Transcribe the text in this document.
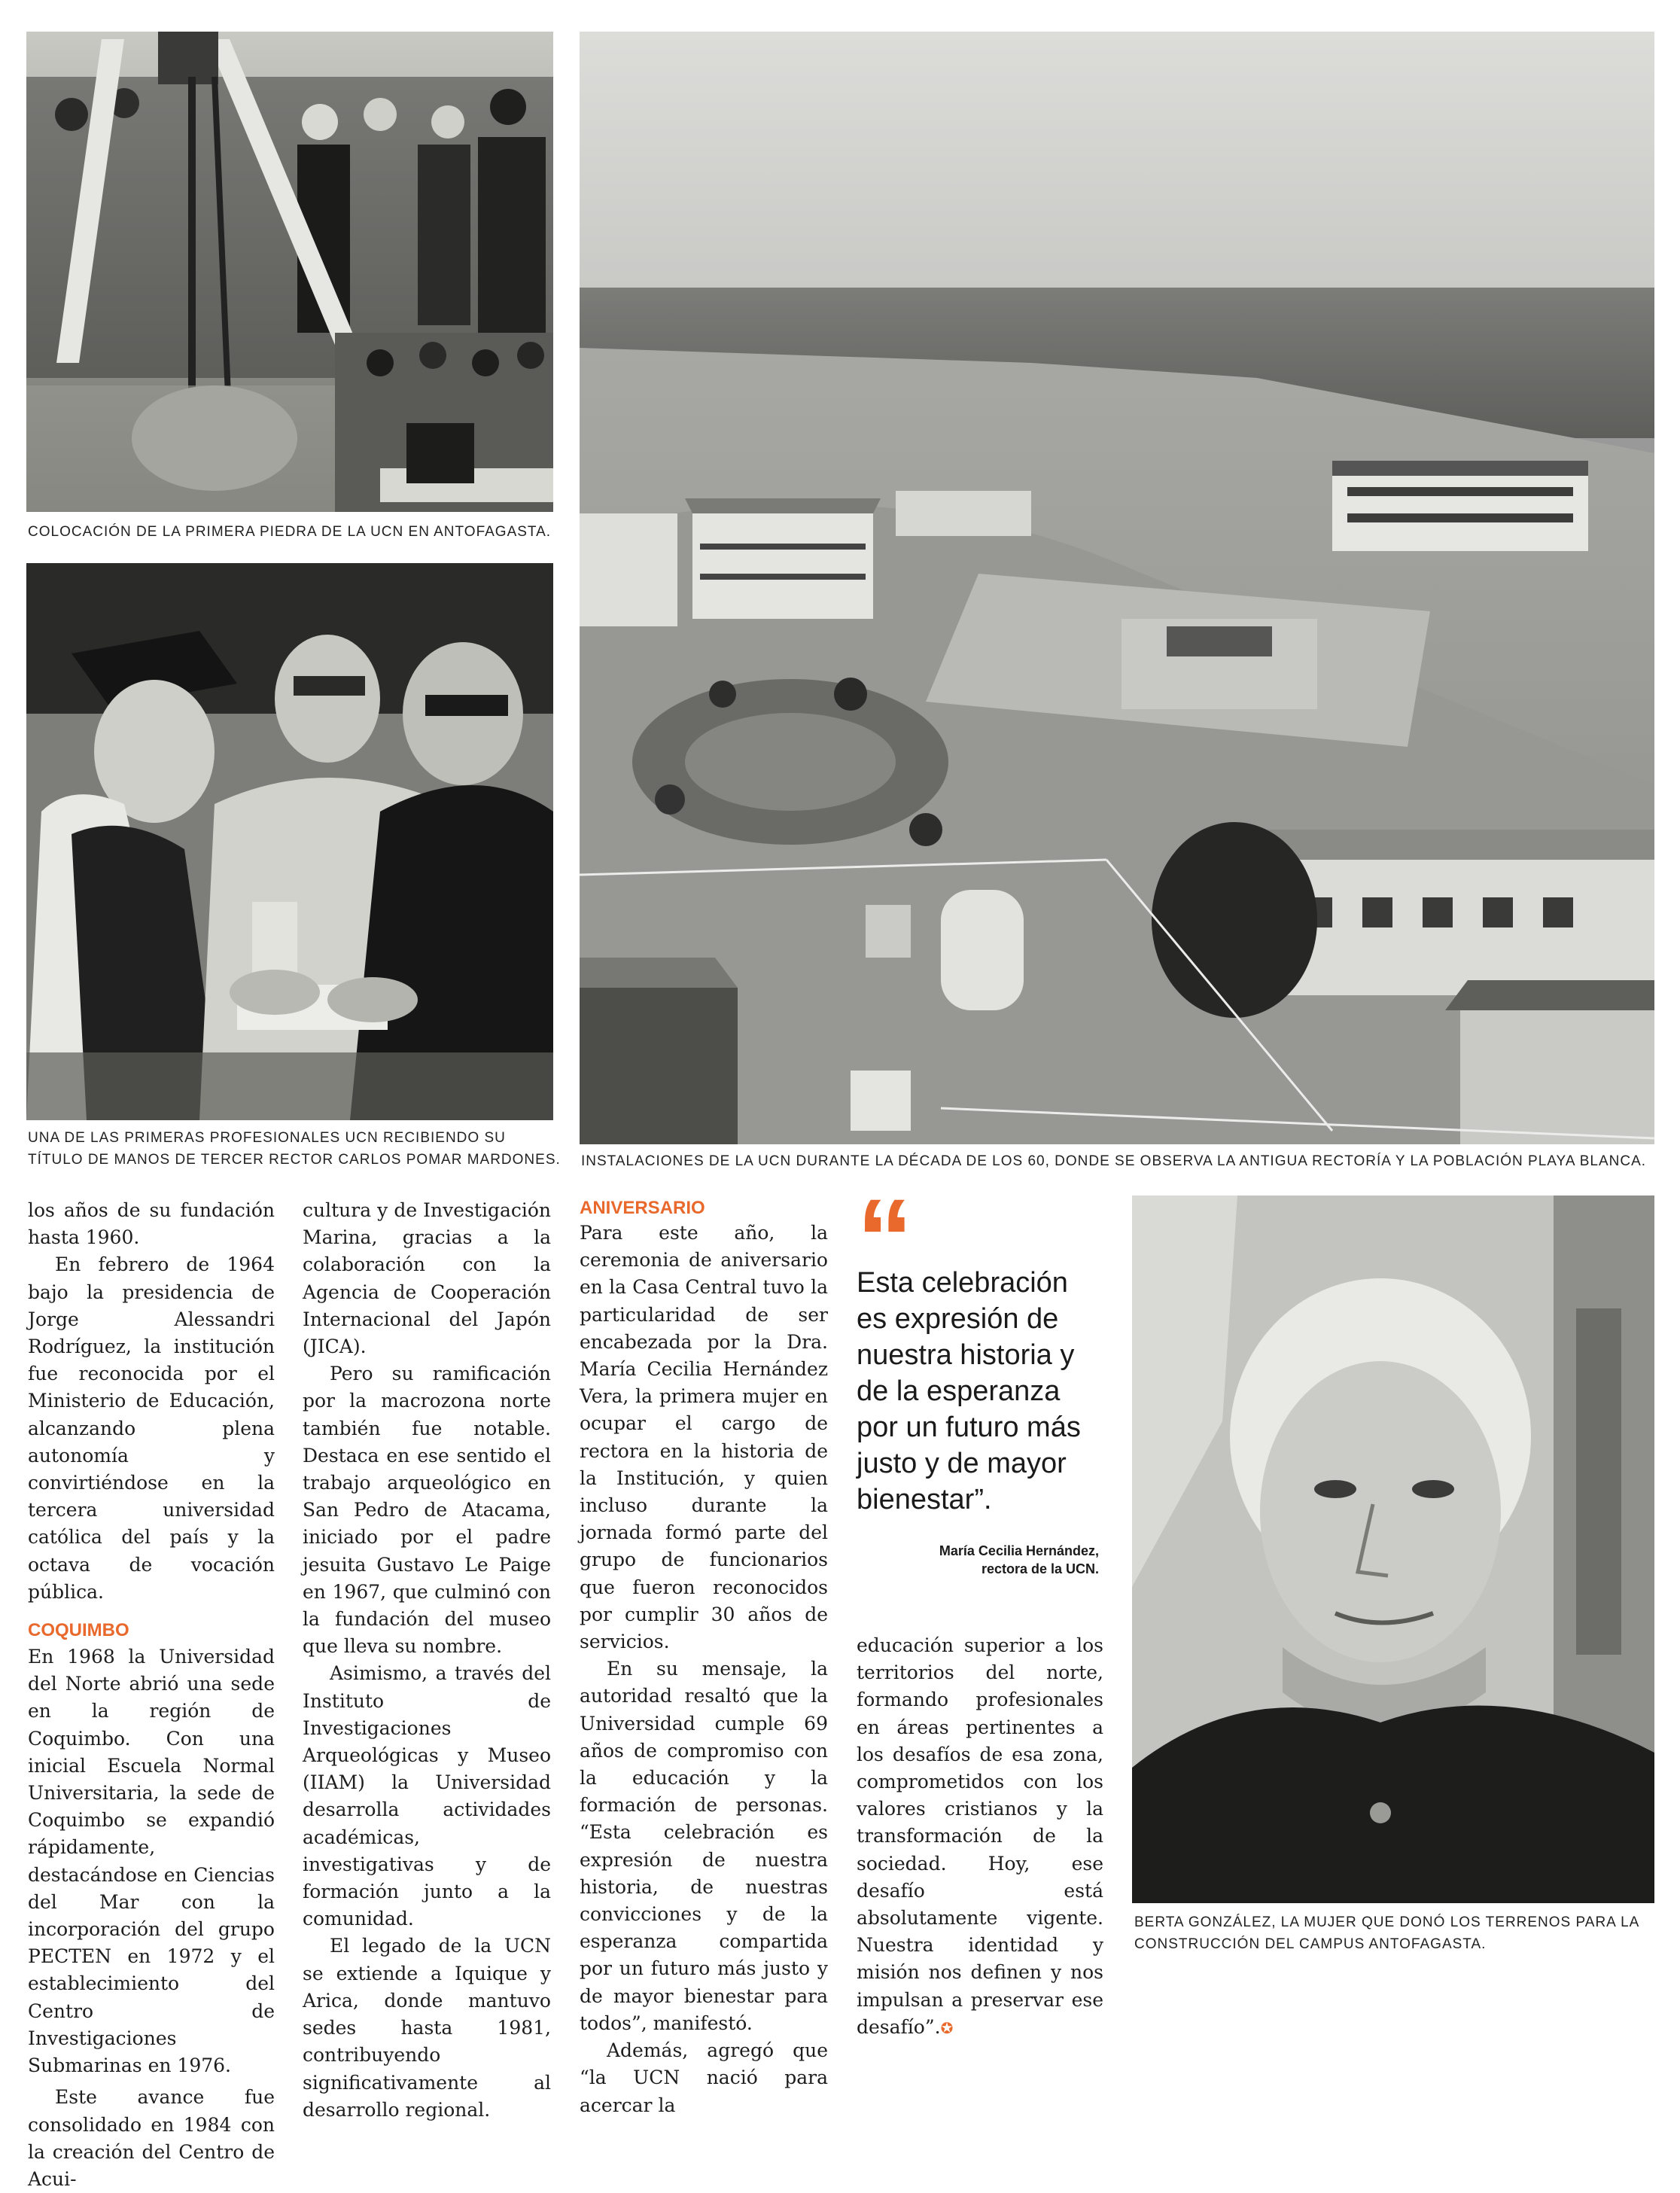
COLOCACIÓN DE LA PRIMERA PIEDRA DE LA UCN EN ANTOFAGASTA.
UNA DE LAS PRIMERAS PROFESIONALES UCN RECIBIENDO SU
TÍTULO DE MANOS DE TERCER RECTOR CARLOS POMAR MARDONES. INSTALACIONES DE LA UCN DURANTE LA DÉCADA DE LOS 60, DONDE SE OBSERVA LA ANTIGUA RECTORÍA Y LA POBLACIÓN PLAYA BLANCA.
BERTA GONZÁLEZ, LA MUJER QUE DONÓ LOS TERRENOS PARA LA
CONSTRUCCIÓN DEL CAMPUS ANTOFAGASTA.

los años de su fundación hasta 1960.

En febrero de 1964 bajo la presidencia de Jorge Alessandri Rodríguez, la institución fue reconocida por el Ministerio de Educación, alcanzando plena autonomía y convirtiéndose en la tercera universidad católica del país y la octava de vocación pública.

COQUIMBO

En 1968 la Universidad del Norte abrió una sede en la región de Coquimbo. Con una inicial Escuela Normal Universitaria, la sede de Coquimbo se expandió rápidamente, destacándose en Ciencias del Mar con la incorporación del grupo PECTEN en 1972 y el establecimiento del Centro de Investigaciones Submarinas en 1976.

Este avance fue consolidado en 1984 con la creación del Centro de Acui-

cultura y de Investigación Marina, gracias a la colaboración con la Agencia de Cooperación Internacional del Japón (JICA).

Pero su ramificación por la macrozona norte también fue notable. Destaca en ese sentido el trabajo arqueológico en San Pedro de Atacama, iniciado por el padre jesuita Gustavo Le Paige en 1967, que culminó con la fundación del museo que lleva su nombre.

Asimismo, a través del Instituto de Investigaciones Arqueológicas y Museo (IIAM) la Universidad desarrolla actividades académicas, investigativas y de formación junto a la comunidad.

El legado de la UCN se extiende a Iquique y Arica, donde mantuvo sedes hasta 1981, contribuyendo significativamente al desarrollo regional.

ANIVERSARIO

Para este año, la ceremonia de aniversario en la Casa Central tuvo la particularidad de ser encabezada por la Dra. María Cecilia Hernández Vera, la primera mujer en ocupar el cargo de rectora en la historia de la Institución, y quien incluso durante la jornada formó parte del grupo de funcionarios que fueron reconocidos por cumplir 30 años de servicios.

En su mensaje, la autoridad resaltó que la Universidad cumple 69 años de compromiso con la educación y la formación de personas. “Esta celebración es expresión de nuestra historia, de nuestras convicciones y de la esperanza compartida por un futuro más justo y de mayor bienestar para todos”, manifestó.

Además, agregó que “la UCN nació para acercar la

“
Esta celebración es expresión de nuestra historia y de la esperanza por un futuro más justo y de mayor bienestar”.
María Cecilia Hernández,
rectora de la UCN.

educación superior a los territorios del norte, formando profesionales en áreas pertinentes a los desafíos de esa zona, comprometidos con los valores cristianos y la transformación de la sociedad. Hoy, ese desafío está absolutamente vigente. Nuestra identidad y misión nos definen y nos impulsan a preservar ese desafío”.✪
